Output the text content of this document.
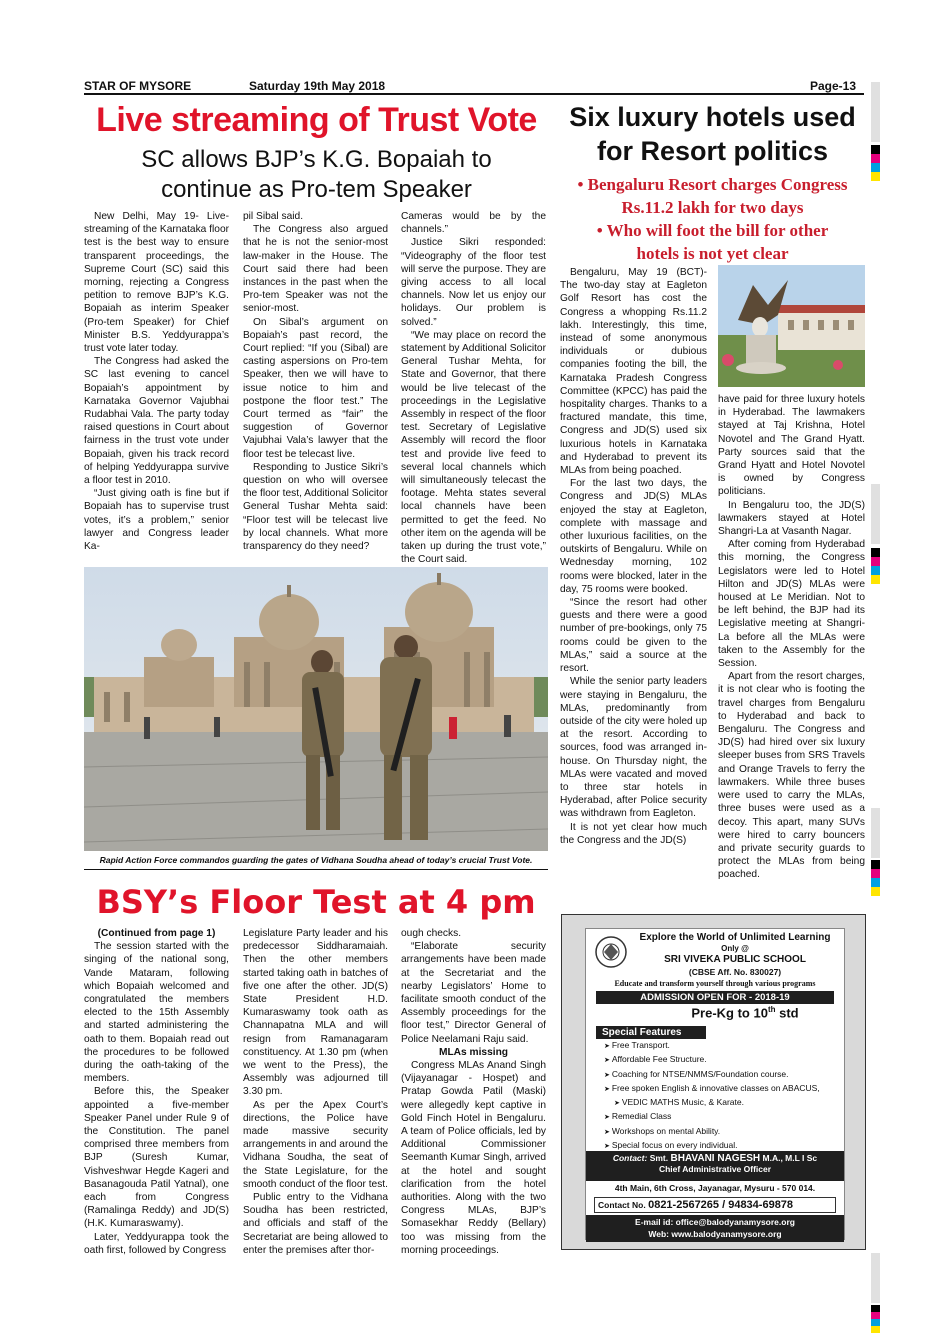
STAR OF MYSORE	Saturday 19th May 2018	Page-13
Live streaming of Trust Vote
SC allows BJP’s K.G. Bopaiah to
continue as Pro-tem Speaker

New Delhi, May 19- Live-streaming of the Karnataka floor test is the best way to ensure transparent proceedings, the Supreme Court (SC) said this morning, rejecting a Congress petition to remove BJP’s K.G. Bopaiah as interim Speaker (Pro-tem Speaker) for Chief Minister B.S. Yeddyurappa’s trust vote later today.

The Congress had asked the SC last evening to cancel Bopaiah’s appointment by Karnataka Governor Vajubhai Rudabhai Vala. The party today raised questions in Court about fairness in the trust vote under Bopaiah, given his track record of helping Yeddyurappa survive a floor test in 2010.

“Just giving oath is fine but if Bopaiah has to supervise trust votes, it’s a problem,” senior lawyer and Congress leader Ka-

pil Sibal said.

The Congress also argued that he is not the senior-most law-maker in the House. The Court said there had been instances in the past when the Pro-tem Speaker was not the senior-most.

On Sibal’s argument on Bopaiah’s past record, the Court replied: “If you (Sibal) are casting aspersions on Pro-tem Speaker, then we will have to issue notice to him and postpone the floor test.” The Court termed as “fair” the suggestion of Governor Vajubhai Vala’s lawyer that the floor test be telecast live.

Responding to Justice Sikri’s question on who will oversee the floor test, Additional Solicitor General Tushar Mehta said: “Floor test will be telecast live by local channels. What more transparency do they need?

Cameras would be by the channels.”

Justice Sikri responded: “Videography of the floor test will serve the purpose. They are giving access to all local channels. Now let us enjoy our holidays. Our problem is solved.”

“We may place on record the statement by Additional Solicitor General Tushar Mehta, for State and Governor, that there would be live telecast of the proceedings in the Legislative Assembly in respect of the floor test. Secretary of Legislative Assembly will record the floor test and provide live feed to several local channels which will simultaneously telecast the footage. Mehta states several local channels have been permitted to get the feed. No other item on the agenda will be taken up during the trust vote,” the Court said.

Rapid Action Force commandos guarding the gates of Vidhana Soudha ahead of today’s crucial Trust Vote.
Six luxury hotels used
for Resort politics
• Bengaluru Resort charges Congress
Rs.11.2 lakh for two days
• Who will foot the bill for other
hotels is not yet clear

Bengaluru, May 19 (BCT)- The two-day stay at Eagleton Golf Resort has cost the Congress a whopping Rs.11.2 lakh. Interestingly, this time, instead of some anonymous individuals or dubious companies footing the bill, the Karnataka Pradesh Congress Committee (KPCC) has paid the hospitality charges. Thanks to a fractured mandate, this time, Congress and JD(S) used six luxurious hotels in Karnataka and Hyderabad to prevent its MLAs from being poached.

For the last two days, the Congress and JD(S) MLAs enjoyed the stay at Eagleton, complete with massage and other luxurious facilities, on the outskirts of Bengaluru. While on Wednesday morning, 102 rooms were blocked, later in the day, 75 rooms were booked.

“Since the resort had other guests and there were a good number of pre-bookings, only 75 rooms could be given to the MLAs,” said a source at the resort.

While the senior party leaders were staying in Bengaluru, the MLAs, predominantly from outside of the city were holed up at the resort. According to sources, food was arranged in-house. On Thursday night, the MLAs were vacated and moved to three star hotels in Hyderabad, after Police security was withdrawn from Eagleton.

It is not yet clear how much the Congress and the JD(S)

have paid for three luxury hotels in Hyderabad. The lawmakers stayed at Taj Krishna, Hotel Novotel and The Grand Hyatt. Party sources said that the Grand Hyatt and Hotel Novotel is owned by Congress politicians.

In Bengaluru too, the JD(S) lawmakers stayed at Hotel Shangri-La at Vasanth Nagar.

After coming from Hyderabad this morning, the Congress Legislators were led to Hotel Hilton and JD(S) MLAs were housed at Le Meridian. Not to be left behind, the BJP had its Legislative meeting at Shangri-La before all the MLAs were taken to the Assembly for the Session.

Apart from the resort charges, it is not clear who is footing the travel charges from Bengaluru to Hyderabad and back to Bengaluru. The Congress and JD(S) had hired over six luxury sleeper buses from SRS Travels and Orange Travels to ferry the lawmakers. While three buses were used to carry the MLAs, three buses were used as a decoy. This apart, many SUVs were hired to carry bouncers and private security guards to protect the MLAs from being poached.

BSY’s Floor Test at 4 pm

(Continued from page 1)

The session started with the singing of the national song, Vande Mataram, following which Bopaiah welcomed and congratulated the members elected to the 15th Assembly and started administering the oath to them. Bopaiah read out the procedures to be followed during the oath-taking of the members.

Before this, the Speaker appointed a five-member Speaker Panel under Rule 9 of the Constitution. The panel comprised three members from BJP (Suresh Kumar, Vishveshwar Hegde Kageri and Basanagouda Patil Yatnal), one each from Congress (Ramalinga Reddy) and JD(S) (H.K. Kumaraswamy).

Later, Yeddyurappa took the oath first, followed by Congress

Legislature Party leader and his predecessor Siddharamaiah. Then the other members started taking oath in batches of five one after the other. JD(S) State President H.D. Kumaraswamy took oath as Channapatna MLA and will resign from Ramanagaram constituency. At 1.30 pm (when we went to the Press), the Assembly was adjourned till 3.30 pm.

As per the Apex Court’s directions, the Police have made massive security arrangements in and around the Vidhana Soudha, the seat of the State Legislature, for the smooth conduct of the floor test.

Public entry to the Vidhana Soudha has been restricted, and officials and staff of the Secretariat are being allowed to enter the premises after thor-

ough checks.

“Elaborate security arrangements have been made at the Secretariat and the nearby Legislators’ Home to facilitate smooth conduct of the Assembly proceedings for the floor test,” Director General of Police Neelamani Raju said.

MLAs missing

Congress MLAs Anand Singh (Vijayanagar - Hospet) and Pratap Gowda Patil (Maski) were allegedly kept captive in Gold Finch Hotel in Bengaluru. A team of Police officials, led by Additional Commissioner Seemanth Kumar Singh, arrived at the hotel and sought clarification from the hotel authorities. Along with the two Congress MLAs, BJP’s Somasekhar Reddy (Bellary) too was missing from the morning proceedings.

Explore the World of Unlimited Learning
Only @
SRI VIVEKA PUBLIC SCHOOL
(CBSE Aff. No. 830027)
Educate and transform yourself through various programs
ADMISSION OPEN FOR - 2018-19
Pre-Kg to 10th std
Special Features
➤ Free Transport.
➤ Affordable Fee Structure.
➤ Coaching for NTSE/NMMS/Foundation course.
➤ Free spoken English & innovative classes on ABACUS,
➤ VEDIC MATHS Music, & Karate.
➤ Remedial Class
➤ Workshops on mental Ability.
➤ Special focus on every individual.
Contact: Smt. BHAVANI NAGESH M.A., M.L I Sc
Chief Administrative Officer
4th Main, 6th Cross, Jayanagar, Mysuru - 570 014.
Contact No. 0821-2567265 / 94834-69878
E-mail id: office@balodyanamysore.org
Web: www.balodyanamysore.org
